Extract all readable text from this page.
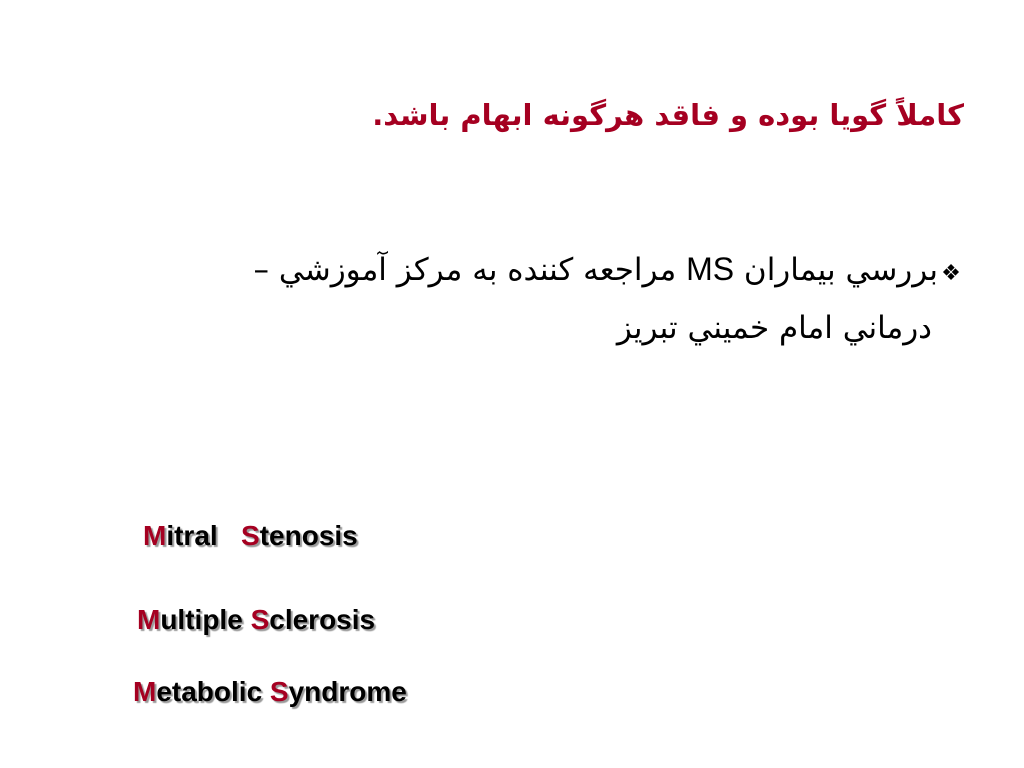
کاملاً گويا بوده و فاقد هرگونه ابهام باشد.
❖بررسي بيماران MS مراجعه کننده به مرکز آموزشي –
درماني امام خميني تبريز
Mitral Stenosis
Multiple Sclerosis
Metabolic Syndrome
